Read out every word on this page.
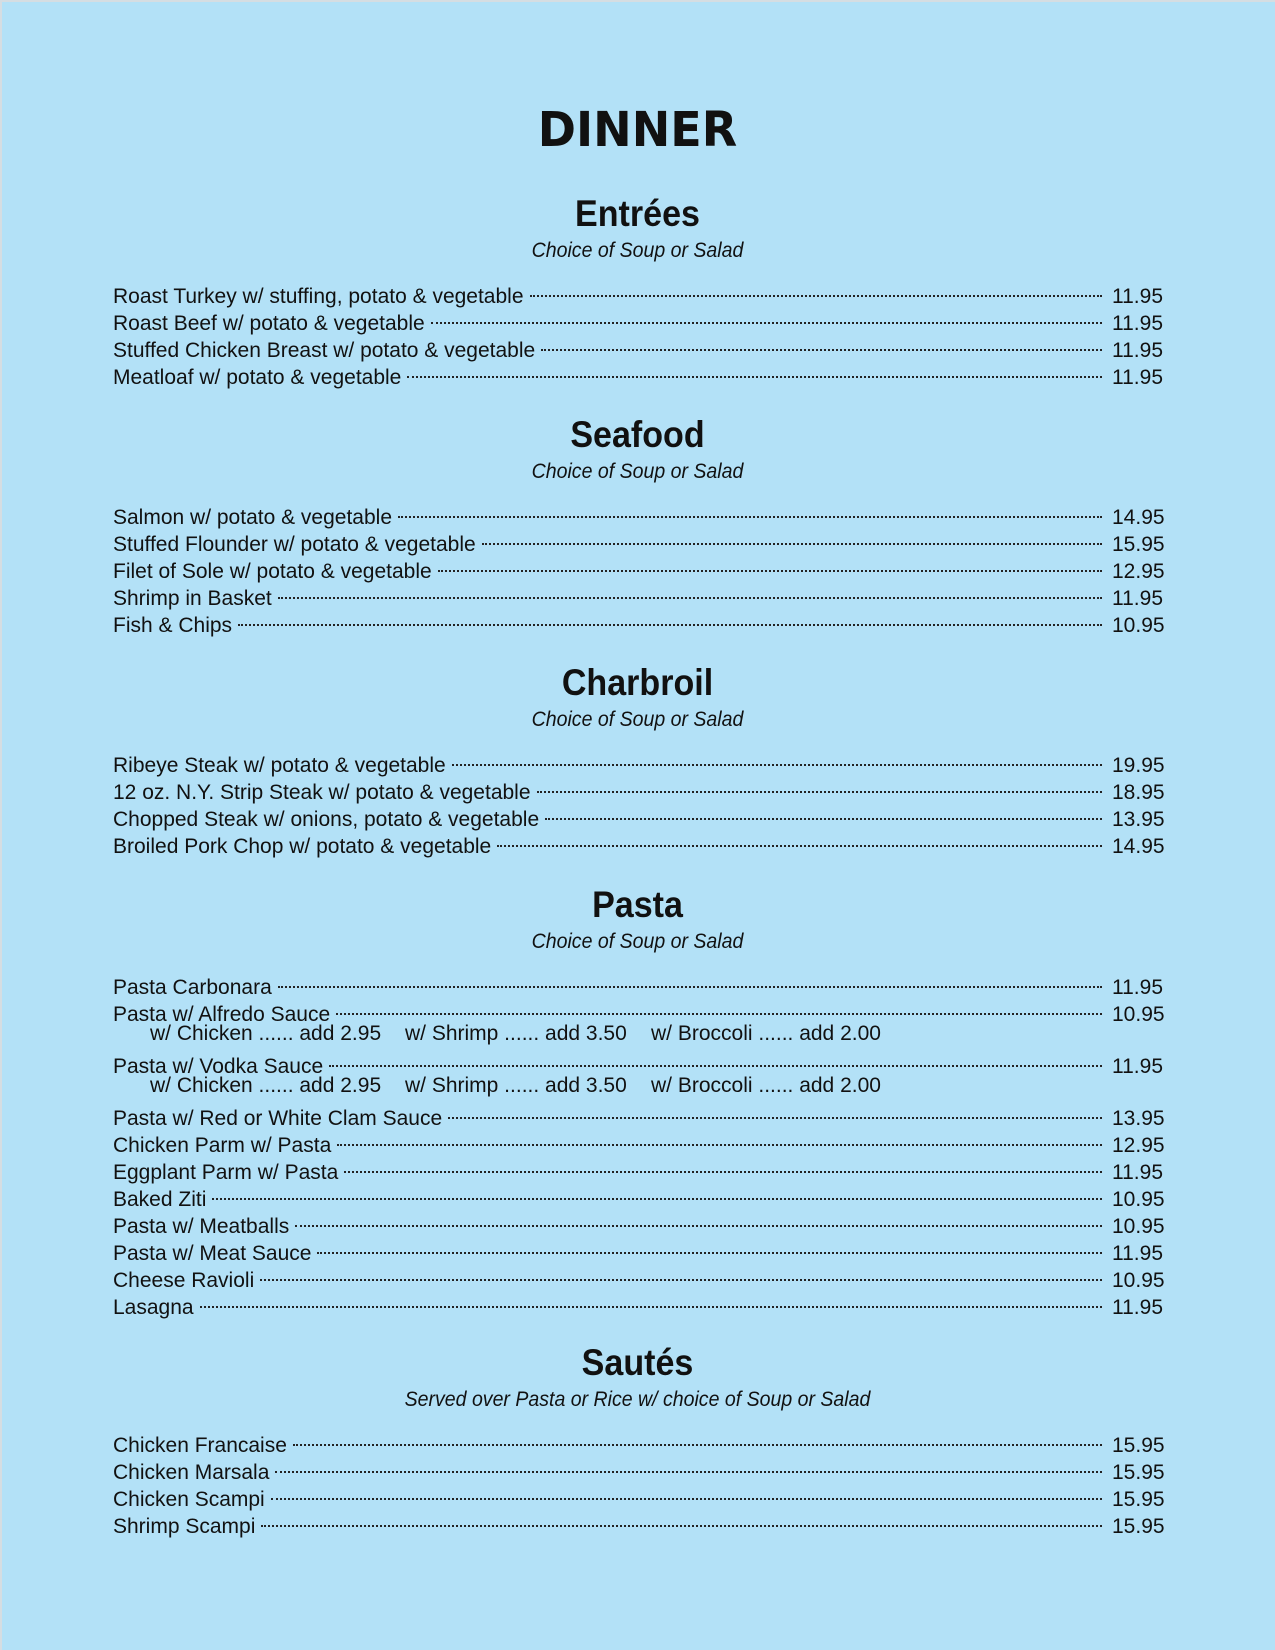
DINNER
Entrées
Choice of Soup or Salad
Roast Turkey w/ stuffing, potato & vegetable	11.95
Roast Beef w/ potato & vegetable	11.95
Stuffed Chicken Breast w/ potato & vegetable	11.95
Meatloaf w/ potato & vegetable	11.95
Seafood
Choice of Soup or Salad
Salmon w/ potato & vegetable	14.95
Stuffed Flounder w/ potato & vegetable	15.95
Filet of Sole w/ potato & vegetable	12.95
Shrimp in Basket	11.95
Fish & Chips	10.95
Charbroil
Choice of Soup or Salad
Ribeye Steak w/ potato & vegetable	19.95
12 oz. N.Y. Strip Steak w/ potato & vegetable	18.95
Chopped Steak w/ onions, potato & vegetable	13.95
Broiled Pork Chop w/ potato & vegetable	14.95
Pasta
Choice of Soup or Salad
Pasta Carbonara	11.95
Pasta w/ Alfredo Sauce	10.95
w/ Chicken ...... add 2.95 w/ Shrimp ...... add 3.50 w/ Broccoli ...... add 2.00
Pasta w/ Vodka Sauce	11.95
w/ Chicken ...... add 2.95 w/ Shrimp ...... add 3.50 w/ Broccoli ...... add 2.00
Pasta w/ Red or White Clam Sauce	13.95
Chicken Parm w/ Pasta	12.95
Eggplant Parm w/ Pasta	11.95
Baked Ziti	10.95
Pasta w/ Meatballs	10.95
Pasta w/ Meat Sauce	11.95
Cheese Ravioli	10.95
Lasagna	11.95
Sautés
Served over Pasta or Rice w/ choice of Soup or Salad
Chicken Francaise	15.95
Chicken Marsala	15.95
Chicken Scampi	15.95
Shrimp Scampi	15.95
